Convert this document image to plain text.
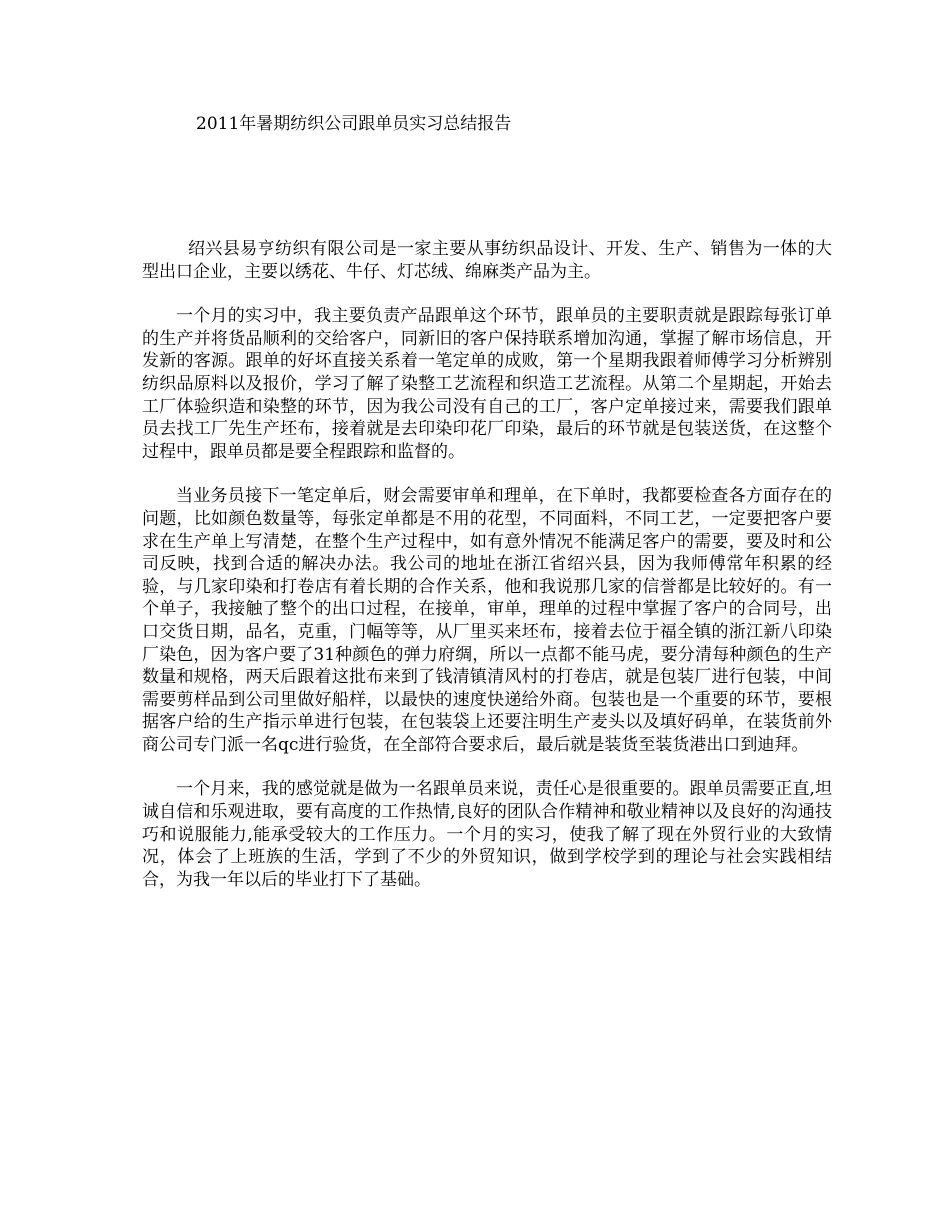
2011年暑期纺织公司跟单员实习总结报告

绍兴县易亨纺织有限公司是一家主要从事纺织品设计、开发、生产、销售为一体的大型出口企业，主要以绣花、牛仔、灯芯绒、绵麻类产品为主。

一个月的实习中，我主要负责产品跟单这个环节，跟单员的主要职责就是跟踪每张订单的生产并将货品顺利的交给客户，同新旧的客户保持联系增加沟通，掌握了解市场信息，开发新的客源。跟单的好坏直接关系着一笔定单的成败，第一个星期我跟着师傅学习分析辨别纺织品原料以及报价，学习了解了染整工艺流程和织造工艺流程。从第二个星期起，开始去工厂体验织造和染整的环节，因为我公司没有自己的工厂，客户定单接过来，需要我们跟单员去找工厂先生产坯布，接着就是去印染印花厂印染，最后的环节就是包装送货，在这整个过程中，跟单员都是要全程跟踪和监督的。

当业务员接下一笔定单后，财会需要审单和理单，在下单时，我都要检查各方面存在的问题，比如颜色数量等，每张定单都是不用的花型，不同面料，不同工艺，一定要把客户要求在生产单上写清楚，在整个生产过程中，如有意外情况不能满足客户的需要，要及时和公司反映，找到合适的解决办法。我公司的地址在浙江省绍兴县，因为我师傅常年积累的经验，与几家印染和打卷店有着长期的合作关系，他和我说那几家的信誉都是比较好的。有一个单子，我接触了整个的出口过程，在接单，审单，理单的过程中掌握了客户的合同号，出口交货日期，品名，克重，门幅等等，从厂里买来坯布，接着去位于福全镇的浙江新八印染厂染色，因为客户要了31种颜色的弹力府绸，所以一点都不能马虎，要分清每种颜色的生产数量和规格，两天后跟着这批布来到了钱清镇清风村的打卷店，就是包装厂进行包装，中间需要剪样品到公司里做好船样，以最快的速度快递给外商。包装也是一个重要的环节，要根据客户给的生产指示单进行包装，在包装袋上还要注明生产麦头以及填好码单，在装货前外商公司专门派一名qc进行验货，在全部符合要求后，最后就是装货至装货港出口到迪拜。

一个月来，我的感觉就是做为一名跟单员来说，责任心是很重要的。跟单员需要正直,坦诚自信和乐观进取，要有高度的工作热情,良好的团队合作精神和敬业精神以及良好的沟通技巧和说服能力,能承受较大的工作压力。一个月的实习，使我了解了现在外贸行业的大致情况，体会了上班族的生活，学到了不少的外贸知识，做到学校学到的理论与社会实践相结合，为我一年以后的毕业打下了基础。
